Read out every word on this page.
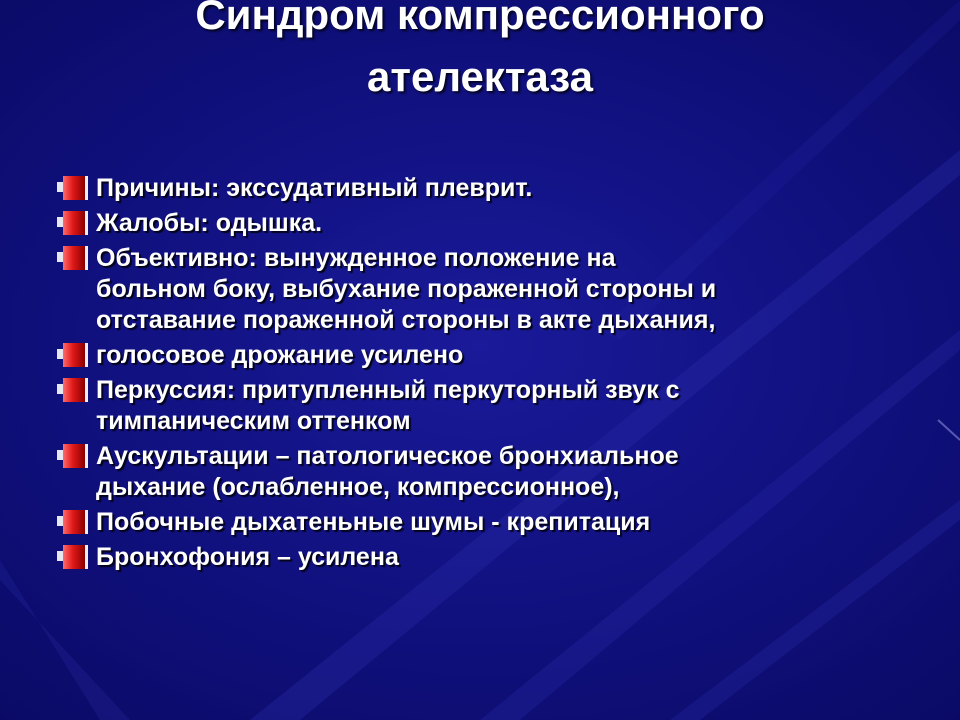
Синдром компрессионного
ателектаза
Причины: экссудативный плеврит.
Жалобы: одышка.
Объективно: вынужденное положение на
больном боку, выбухание пораженной стороны и
отставание пораженной стороны в акте дыхания,
голосовое дрожание усилено
Перкуссия: притупленный перкуторный звук с
тимпаническим оттенком
Аускультации – патологическое бронхиальное
дыхание (ослабленное, компрессионное),
Побочные дыхатеньные шумы - крепитация
Бронхофония – усилена
